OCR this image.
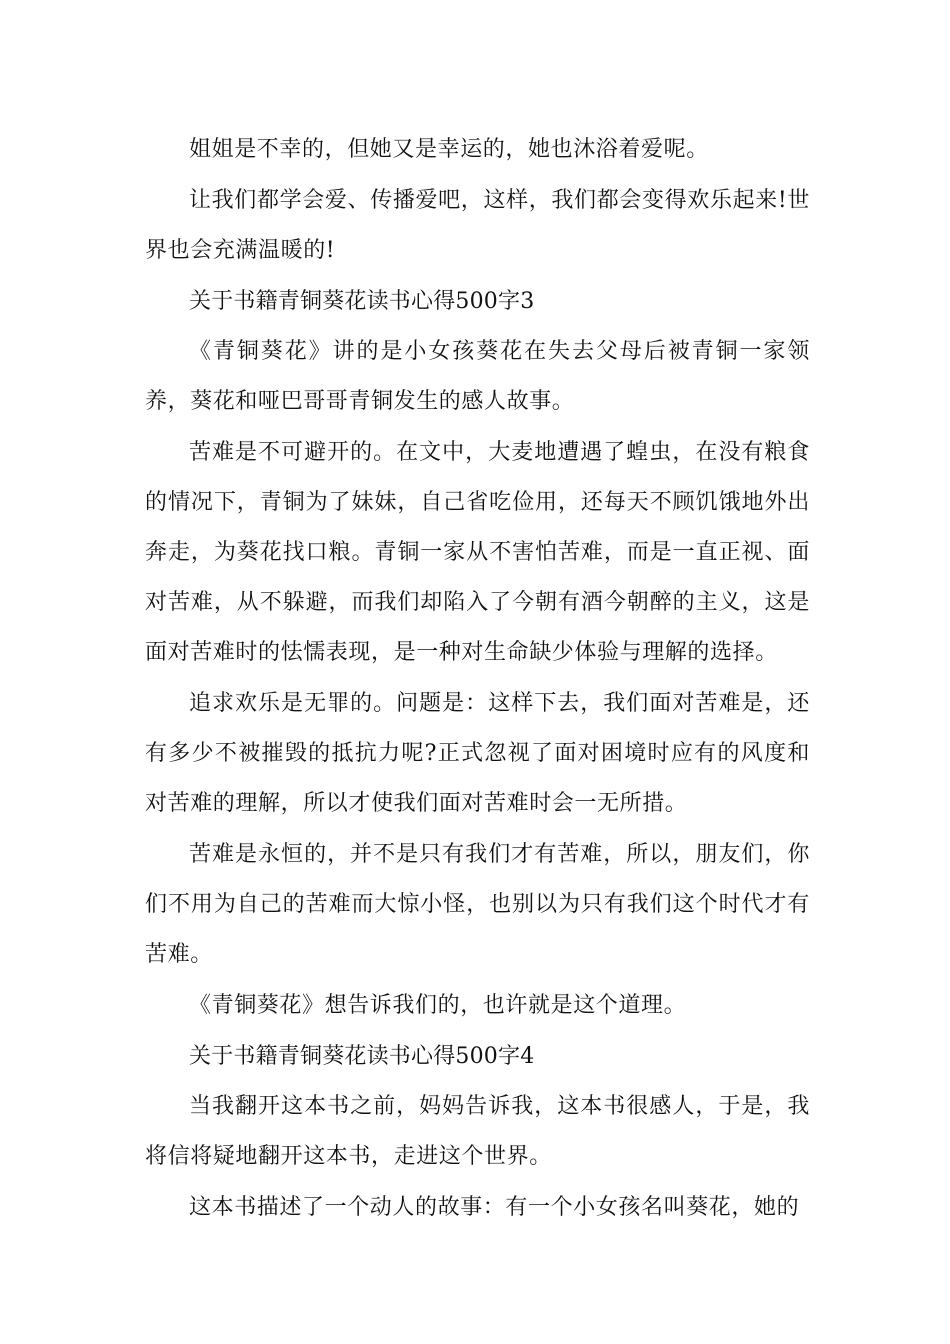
姐姐是不幸的，但她又是幸运的，她也沐浴着爱呢。

让我们都学会爱、传播爱吧，这样，我们都会变得欢乐起来!世界也会充满温暖的!

关于书籍青铜葵花读书心得500字3

《青铜葵花》讲的是小女孩葵花在失去父母后被青铜一家领养，葵花和哑巴哥哥青铜发生的感人故事。

苦难是不可避开的。在文中，大麦地遭遇了蝗虫，在没有粮食的情况下，青铜为了妹妹，自己省吃俭用，还每天不顾饥饿地外出奔走，为葵花找口粮。青铜一家从不害怕苦难，而是一直正视、面对苦难，从不躲避，而我们却陷入了今朝有酒今朝醉的主义，这是面对苦难时的怯懦表现，是一种对生命缺少体验与理解的选择。

追求欢乐是无罪的。问题是：这样下去，我们面对苦难是，还有多少不被摧毁的抵抗力呢?正式忽视了面对困境时应有的风度和对苦难的理解，所以才使我们面对苦难时会一无所措。

苦难是永恒的，并不是只有我们才有苦难，所以，朋友们，你们不用为自己的苦难而大惊小怪，也别以为只有我们这个时代才有苦难。

《青铜葵花》想告诉我们的，也许就是这个道理。

关于书籍青铜葵花读书心得500字4

当我翻开这本书之前，妈妈告诉我，这本书很感人，于是，我将信将疑地翻开这本书，走进这个世界。

这本书描述了一个动人的故事：有一个小女孩名叫葵花，她的
